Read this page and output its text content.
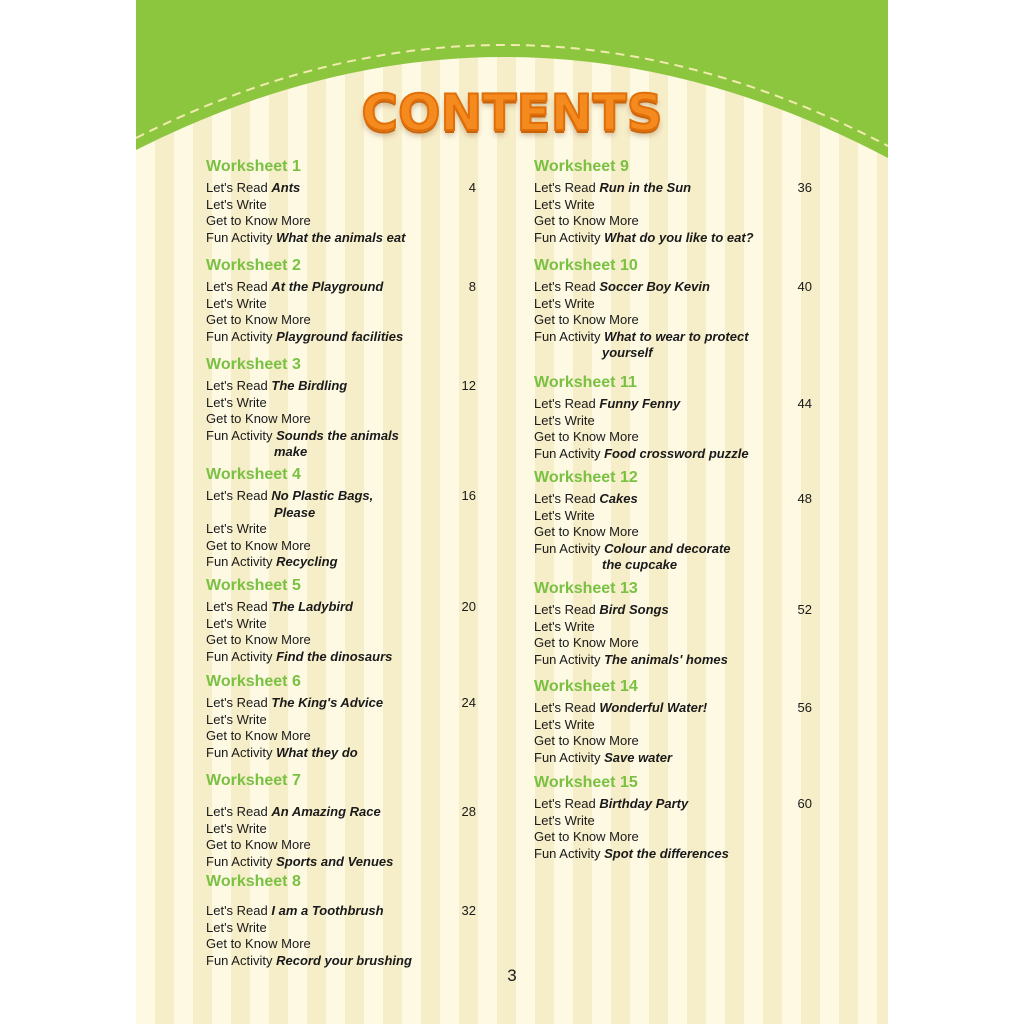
CONTENTS
Worksheet 1
Let's Read Ants	4
Let's Write
Get to Know More
Fun Activity What the animals eat
Worksheet 2
Let's Read At the Playground	8
Let's Write
Get to Know More
Fun Activity Playground facilities
Worksheet 3
Let's Read The Birdling	12
Let's Write
Get to Know More
Fun Activity Sounds the animals
make
Worksheet 4
Let's Read No Plastic Bags,	16
Please
Let's Write
Get to Know More
Fun Activity Recycling
Worksheet 5
Let's Read The Ladybird	20
Let's Write
Get to Know More
Fun Activity Find the dinosaurs
Worksheet 6
Let's Read The King's Advice	24
Let's Write
Get to Know More
Fun Activity What they do
Worksheet 7
Let's Read An Amazing Race	28
Let's Write
Get to Know More
Fun Activity Sports and Venues
Worksheet 8
Let's Read I am a Toothbrush	32
Let's Write
Get to Know More
Fun Activity Record your brushing
Worksheet 9
Let's Read Run in the Sun	36
Let's Write
Get to Know More
Fun Activity What do you like to eat?
Worksheet 10
Let's Read Soccer Boy Kevin	40
Let's Write
Get to Know More
Fun Activity What to wear to protect
yourself
Worksheet 11
Let's Read Funny Fenny	44
Let's Write
Get to Know More
Fun Activity Food crossword puzzle
Worksheet 12
Let's Read Cakes	48
Let's Write
Get to Know More
Fun Activity Colour and decorate
the cupcake
Worksheet 13
Let's Read Bird Songs	52
Let's Write
Get to Know More
Fun Activity The animals' homes
Worksheet 14
Let's Read Wonderful Water!	56
Let's Write
Get to Know More
Fun Activity Save water
Worksheet 15
Let's Read Birthday Party	60
Let's Write
Get to Know More
Fun Activity Spot the differences
3
